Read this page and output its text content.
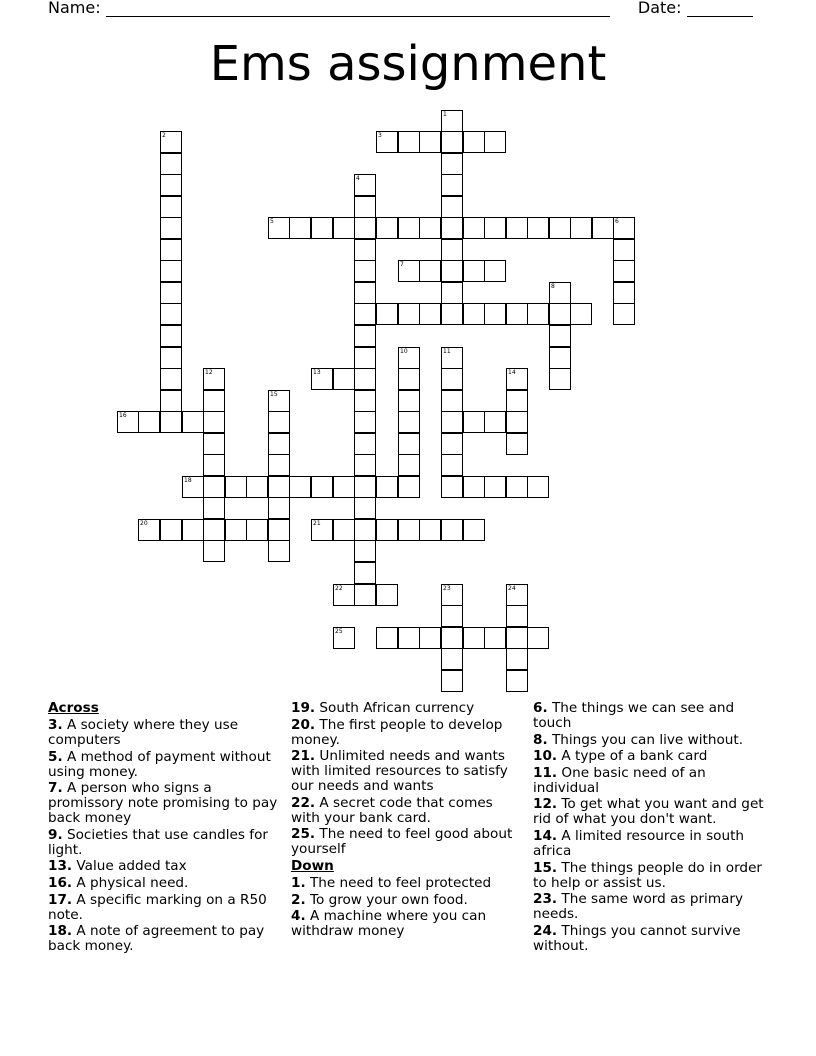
Name:	Date:
Ems assignment
1
3
2
4
5	6
7
8
10	11
12	13	14
15
16
18
20	21
22	23	24
25
Across
3. A society where they use computers
5. A method of payment without using money.
7. A person who signs a promissory note promising to pay back money
9. Societies that use candles for light.
13. Value added tax
16. A physical need.
17. A specific marking on a R50 note.
18. A note of agreement to pay back money.
19. South African currency
20. The first people to develop money.
21. Unlimited needs and wants with limited resources to satisfy our needs and wants
22. A secret code that comes with your bank card.
25. The need to feel good about yourself
Down
1. The need to feel protected
2. To grow your own food.
4. A machine where you can withdraw money
6. The things we can see and touch
8. Things you can live without.
10. A type of a bank card
11. One basic need of an individual
12. To get what you want and get rid of what you don't want.
14. A limited resource in south africa
15. The things people do in order to help or assist us.
23. The same word as primary needs.
24. Things you cannot survive without.
